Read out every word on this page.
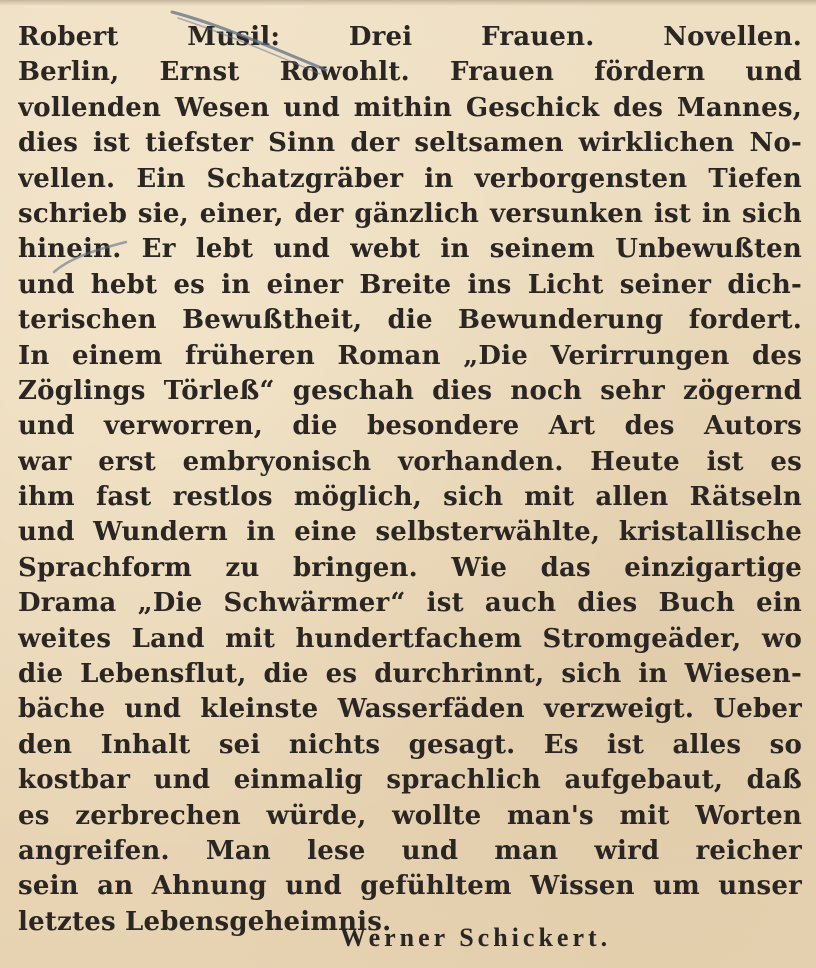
Robert Musil: Drei Frauen. Novellen.
Berlin, Ernst Rowohlt. Frauen fördern und
vollenden Wesen und mithin Geschick des Mannes,
dies ist tiefster Sinn der seltsamen wirklichen No-
vellen. Ein Schatzgräber in verborgensten Tiefen
schrieb sie, einer, der gänzlich versunken ist in sich
hinein. Er lebt und webt in seinem Unbewußten
und hebt es in einer Breite ins Licht seiner dich-
terischen Bewußtheit, die Bewunderung fordert.
In einem früheren Roman „Die Verirrungen des
Zöglings Törleß“ geschah dies noch sehr zögernd
und verworren, die besondere Art des Autors
war erst embryonisch vorhanden. Heute ist es
ihm fast restlos möglich, sich mit allen Rätseln
und Wundern in eine selbsterwählte, kristallische
Sprachform zu bringen. Wie das einzigartige
Drama „Die Schwärmer“ ist auch dies Buch ein
weites Land mit hundertfachem Stromgeäder, wo
die Lebensflut, die es durchrinnt, sich in Wiesen-
bäche und kleinste Wasserfäden verzweigt. Ueber
den Inhalt sei nichts gesagt. Es ist alles so
kostbar und einmalig sprachlich aufgebaut, daß
es zerbrechen würde, wollte man's mit Worten
angreifen. Man lese und man wird reicher
sein an Ahnung und gefühltem Wissen um unser
letztes Lebensgeheimnis.
Werner Schickert.
